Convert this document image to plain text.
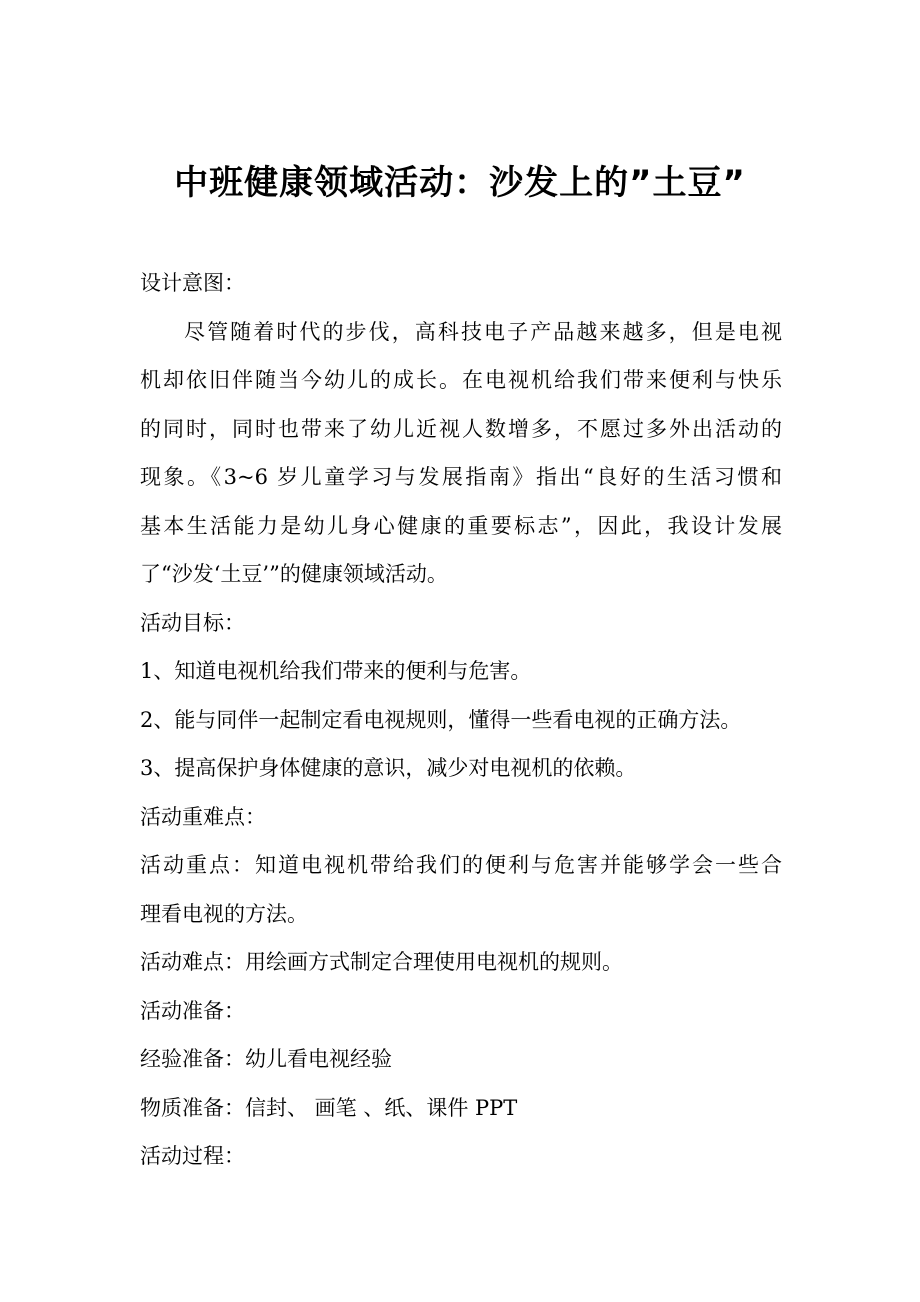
中班健康领域活动：沙发上的”土豆”
设计意图：
尽管随着时代的步伐，高科技电子产品越来越多，但是电视
机却依旧伴随当今幼儿的成长。在电视机给我们带来便利与快乐
的同时，同时也带来了幼儿近视人数增多，不愿过多外出活动的
现象。《3~6 岁儿童学习与发展指南》指出“良好的生活习惯和
基本生活能力是幼儿身心健康的重要标志”，因此，我设计发展
了“沙发‘土豆’”的健康领域活动。
活动目标：
1、知道电视机给我们带来的便利与危害。
2、能与同伴一起制定看电视规则，懂得一些看电视的正确方法。
3、提高保护身体健康的意识，减少对电视机的依赖。
活动重难点：
活动重点：知道电视机带给我们的便利与危害并能够学会一些合
理看电视的方法。
活动难点：用绘画方式制定合理使用电视机的规则。
活动准备：
经验准备：幼儿看电视经验
物质准备：信封、 画笔 、纸、课件 PPT
活动过程：
